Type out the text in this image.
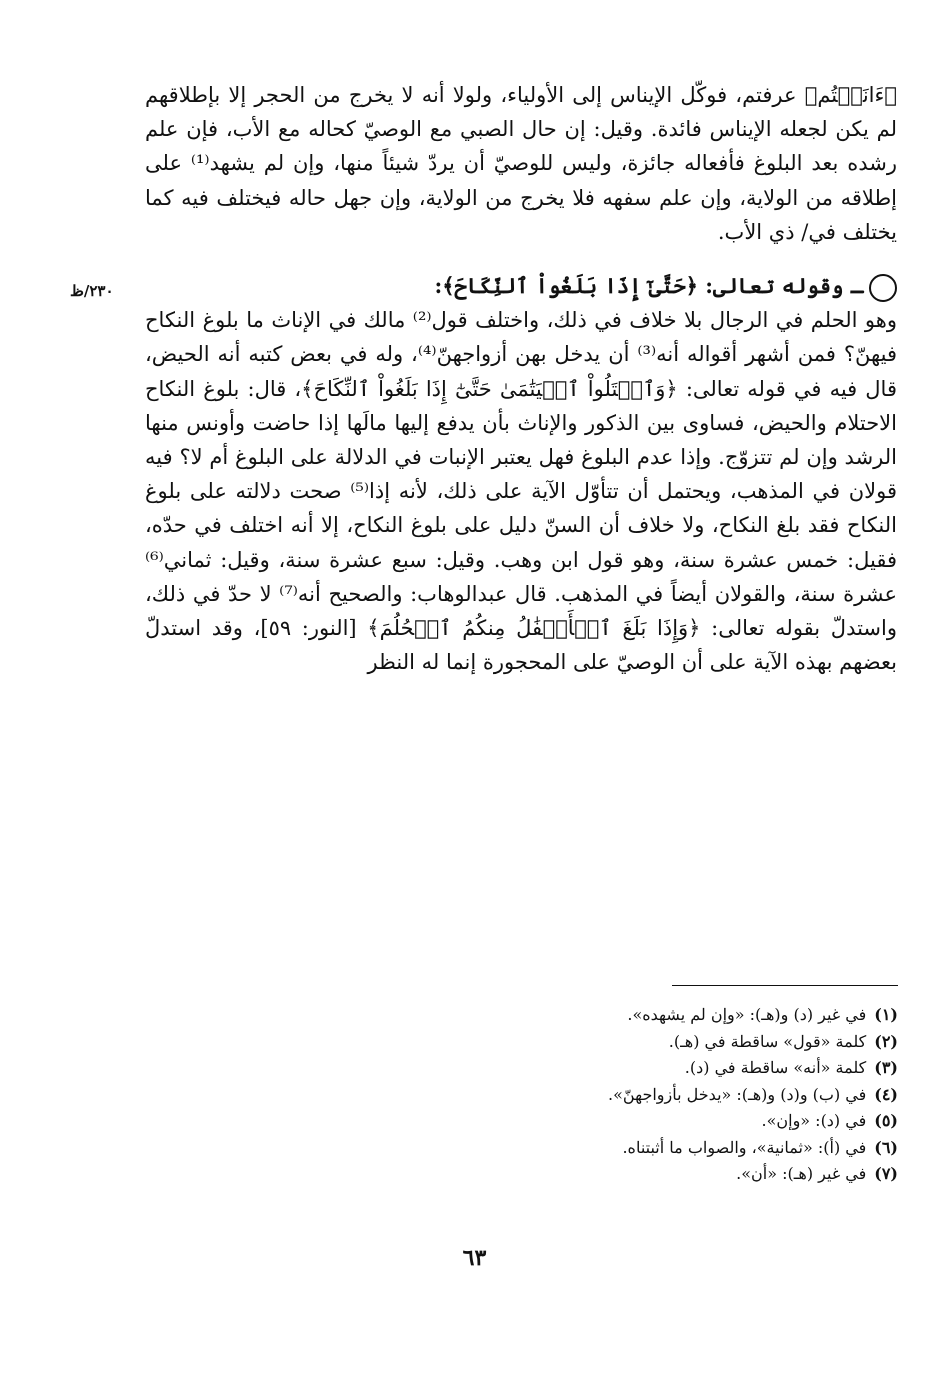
﴿ءَانَسۡتُم﴾ عرفتم، فوكّل الإيناس إلى الأولياء، ولولا أنه لا يخرج من الحجر إلا بإطلاقهم لم يكن لجعله الإيناس فائدة. وقيل: إن حال الصبي مع الوصيّ كحاله مع الأب، فإن علم رشده بعد البلوغ فأفعاله جائزة، وليس للوصيّ أن يردّ شيئاً منها، وإن لم يشهد⁽¹⁾ على إطلاقه من الولاية، وإن علم سفهه فلا يخرج من الولاية، وإن جهل حاله فيختلف فيه كما يختلف في/ ذي الأب.

ـ وقوله تعالى: ﴿حَتَّىٰٓ إِذَا بَلَغُواْ ٱلنِّكَاحَ﴾:

وهو الحلم في الرجال بلا خلاف في ذلك، واختلف قول⁽²⁾ مالك في الإناث ما بلوغ النكاح فيهنّ؟ فمن أشهر أقواله أنه⁽³⁾ أن يدخل بهن أزواجهنّ⁽⁴⁾، وله في بعض كتبه أنه الحيض، قال فيه في قوله تعالى: ﴿وَٱبۡتَلُواْ ٱلۡيَتَٰمَىٰ حَتَّىٰٓ إِذَا بَلَغُواْ ٱلنِّكَاحَ﴾، قال: بلوغ النكاح الاحتلام والحيض، فساوى بين الذكور والإناث بأن يدفع إليها مالَها إذا حاضت وأونس منها الرشد وإن لم تتزوّج. وإذا عدم البلوغ فهل يعتبر الإنبات في الدلالة على البلوغ أم لا؟ فيه قولان في المذهب، ويحتمل أن تتأوّل الآية على ذلك، لأنه إذا⁽⁵⁾ صحت دلالته على بلوغ النكاح فقد بلغ النكاح، ولا خلاف أن السنّ دليل على بلوغ النكاح، إلا أنه اختلف في حدّه، فقيل: خمس عشرة سنة، وهو قول ابن وهب. وقيل: سبع عشرة سنة، وقيل: ثماني⁽⁶⁾ عشرة سنة، والقولان أيضاً في المذهب. قال عبدالوهاب: والصحيح أنه⁽⁷⁾ لا حدّ في ذلك، واستدلّ بقوله تعالى: ﴿وَإِذَا بَلَغَ ٱلۡأَطۡفَٰلُ مِنكُمُ ٱلۡحُلُمَ﴾ [النور: ٥٩]، وقد استدلّ بعضهم بهذه الآية على أن الوصيّ على المحجورة إنما له النظر

٢٣٠/ظ

(١)في غير (د) و(هـ): «وإن لم يشهده».

(٢)كلمة «قول» ساقطة في (هـ).

(٣)كلمة «أنه» ساقطة في (د).

(٤)في (ب) و(د) و(هـ): «يدخل بأزواجهنّ».

(٥)في (د): «وإن».

(٦)في (أ): «ثمانية»، والصواب ما أثبتناه.

(٧)في غير (هـ): «أن».

٦٣
